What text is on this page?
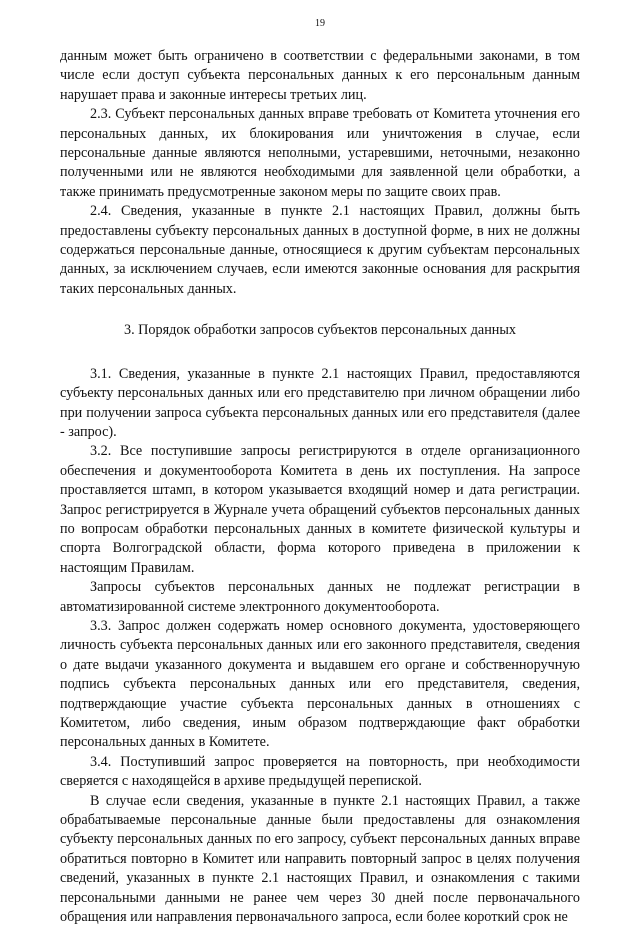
19

данным может быть ограничено в соответствии с федеральными законами, в том числе если доступ субъекта персональных данных к его персональным данным нарушает права и законные интересы третьих лиц.

2.3. Субъект персональных данных вправе требовать от Комитета уточнения его персональных данных, их блокирования или уничтожения в случае, если персональные данные являются неполными, устаревшими, неточными, незаконно полученными или не являются необходимыми для заявленной цели обработки, а также принимать предусмотренные законом меры по защите своих прав.

2.4. Сведения, указанные в пункте 2.1 настоящих Правил, должны быть предоставлены субъекту персональных данных в доступной форме, в них не должны содержаться персональные данные, относящиеся к другим субъектам персональных данных, за исключением случаев, если имеются законные основания для раскрытия таких персональных данных.

3. Порядок обработки запросов субъектов персональных данных

3.1. Сведения, указанные в пункте 2.1 настоящих Правил, предоставляются субъекту персональных данных или его представителю при личном обращении либо при получении запроса субъекта персональных данных или его представителя (далее - запрос).

3.2. Все поступившие запросы регистрируются в отделе организационного обеспечения и документооборота Комитета в день их поступления. На запросе проставляется штамп, в котором указывается входящий номер и дата регистрации. Запрос регистрируется в Журнале учета обращений субъектов персональных данных по вопросам обработки персональных данных в комитете физической культуры и спорта Волгоградской области, форма которого приведена в приложении к настоящим Правилам.

Запросы субъектов персональных данных не подлежат регистрации в автоматизированной системе электронного документооборота.

3.3. Запрос должен содержать номер основного документа, удостоверяющего личность субъекта персональных данных или его законного представителя, сведения о дате выдачи указанного документа и выдавшем его органе и собственноручную подпись субъекта персональных данных или его представителя, сведения, подтверждающие участие субъекта персональных данных в отношениях с Комитетом, либо сведения, иным образом подтверждающие факт обработки персональных данных в Комитете.

3.4. Поступивший запрос проверяется на повторность, при необходимости сверяется с находящейся в архиве предыдущей перепиской.

В случае если сведения, указанные в пункте 2.1 настоящих Правил, а также обрабатываемые персональные данные были предоставлены для ознакомления субъекту персональных данных по его запросу, субъект персональных данных вправе обратиться повторно в Комитет или направить повторный запрос в целях получения сведений, указанных в пункте 2.1 настоящих Правил, и ознакомления с такими персональными данными не ранее чем через 30 дней после первоначального обращения или направления первоначального запроса, если более короткий срок не
